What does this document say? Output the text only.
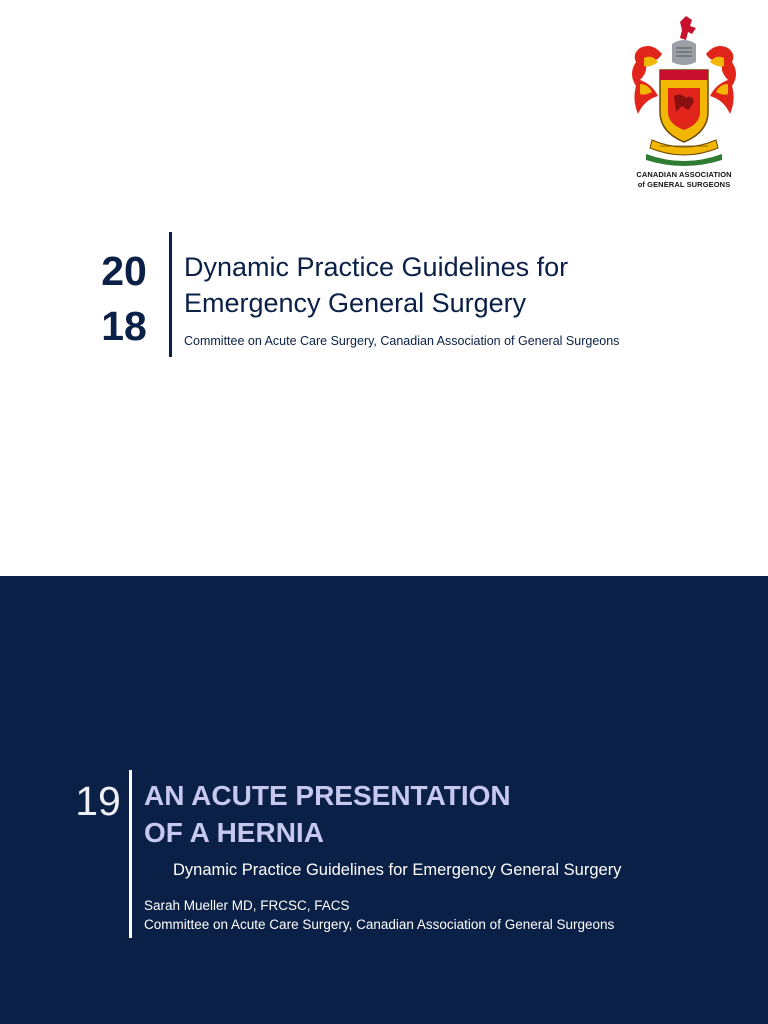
CANADIAN ASSOCIATION
of GENERAL SURGEONS
20
18
Dynamic Practice Guidelines for
Emergency General Surgery
Committee on Acute Care Surgery, Canadian Association of General Surgeons
19 AN ACUTE PRESENTATION
OF A HERNIA
Dynamic Practice Guidelines for Emergency General Surgery
Sarah Mueller MD, FRCSC, FACS
Committee on Acute Care Surgery, Canadian Association of General Surgeons
